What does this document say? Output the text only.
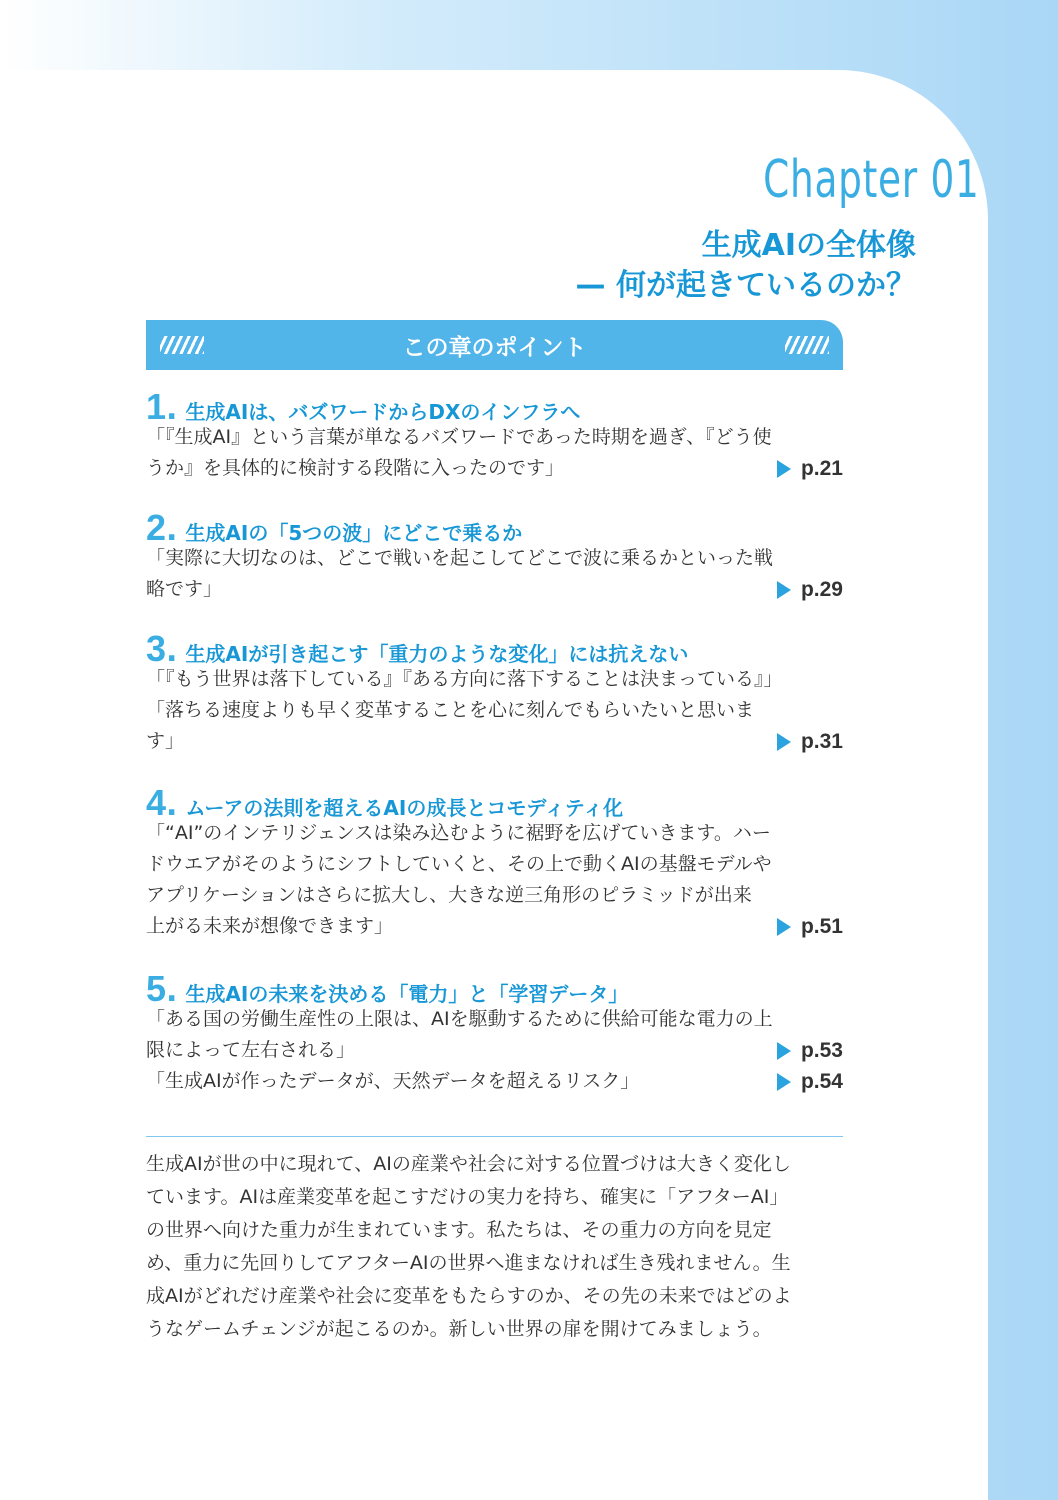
Chapter 01
生成AIの全体像
— 何が起きているのか？
この章のポイント
1 . 生成AIは、バズワードからDXのインフラへ

「『生成AI』という言葉が単なるバズワードであった時期を過ぎ、『どう使

うか』を具体的に検討する段階に入ったのです」	p.21
2 . 生成AIの「5つの波」にどこで乗るか

「実際に大切なのは、どこで戦いを起こしてどこで波に乗るかといった戦

略です」	p.29
3 . 生成AIが引き起こす「重力のような変化」には抗えない

「『もう世界は落下している』『ある方向に落下することは決まっている』」

「落ちる速度よりも早く変革することを心に刻んでもらいたいと思いま

す」	p.31
4 . ムーアの法則を超えるAIの成長とコモディティ化

「“AI”のインテリジェンスは染み込むように裾野を広げていきます。ハー

ドウエアがそのようにシフトしていくと、その上で動くAIの基盤モデルや

アプリケーションはさらに拡大し、大きな逆三角形のピラミッドが出来

上がる未来が想像できます」	p.51
5 . 生成AIの未来を決める「電力」と「学習データ」

「ある国の労働生産性の上限は、AIを駆動するために供給可能な電力の上

限によって左右される」	p.53

「生成AIが作ったデータが、天然データを超えるリスク」	p.54

生成AIが世の中に現れて、AIの産業や社会に対する位置づけは大きく変化し

ています。AIは産業変革を起こすだけの実力を持ち、確実に「アフターAI」

の世界へ向けた重力が生まれています。私たちは、その重力の方向を見定

め、重力に先回りしてアフターAIの世界へ進まなければ生き残れません。生

成AIがどれだけ産業や社会に変革をもたらすのか、その先の未来ではどのよ

うなゲームチェンジが起こるのか。新しい世界の扉を開けてみましょう。
